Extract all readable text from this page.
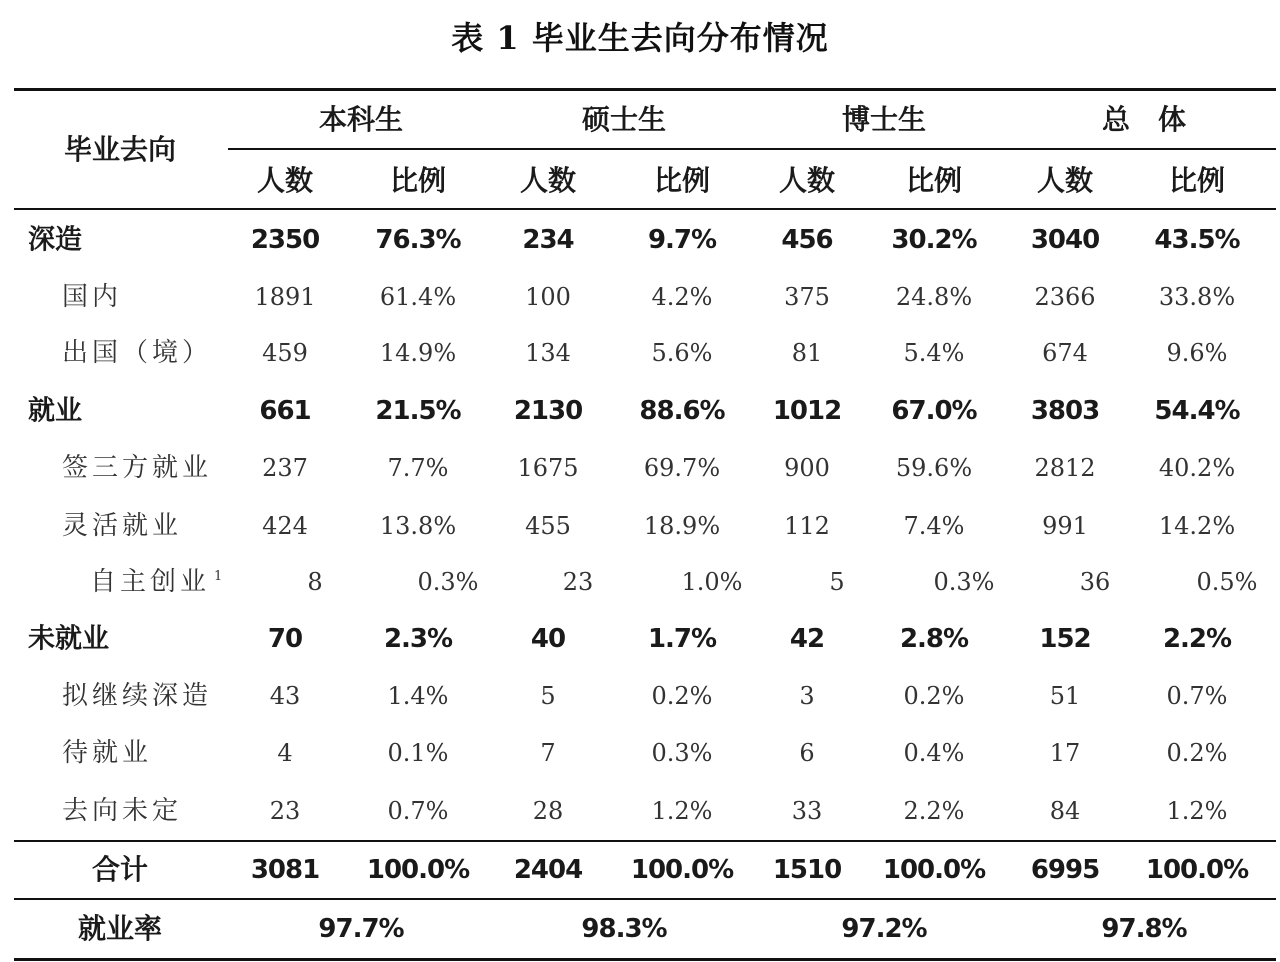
表 1 毕业生去向分布情况
毕业去向
本科生	硕士生	博士生	总　体
人数	比例	人数	比例 人数	比例	人数	比例
深造	2350 76.3% 234	9.7%	456 30.2% 3040 43.5%
国内	1891	61.4%	100	4.2%	375	24.8%	2366	33.8%
出国（境） 459	14.9%	134	5.6%	81	5.4%	674	9.6%
就业	661 21.5% 2130 88.6% 1012 67.0% 3803 54.4%
签三方就业 237	7.7%	1675	69.7%	900	59.6%	2812	40.2%
灵活就业	424	13.8%	455	18.9%	112	7.4%	991	14.2%
自主创业 $^1$	8	0.3%	23	1.0%	5	0.3%	36	0.5%
未就业	70	2.3%	40	1.7%	42	2.8%	152	2.2%
拟继续深造 43	1.4%	5	0.2%	3	0.2%	51	0.7%
待就业	4	0.1%	7	0.3%	6	0.4%	17	0.2%
去向未定	23	0.7%	28	1.2%	33	2.2%	84	1.2%
合计	3081 100.0% 2404 100.0% 1510 100.0% 6995 100.0%
就业率	97.7%	98.3%	97.2%	97.8%
